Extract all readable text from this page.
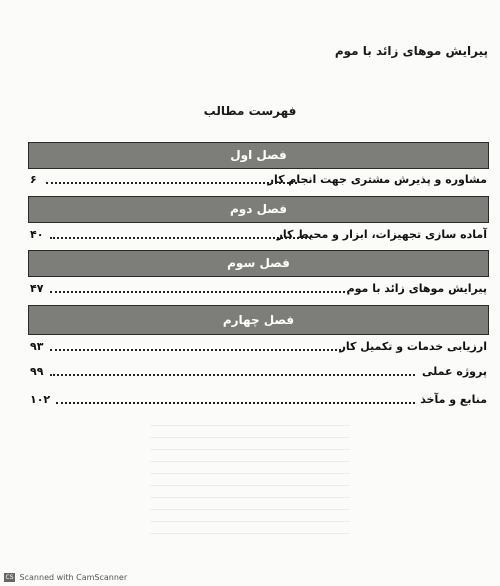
پیرایش موهای زائد با موم
فهرست مطالب
فصل اول
مشاوره و پذیرش مشتری جهت انجام کار
۶
فصل دوم
آماده سازی تجهیزات، ابزار و محیط کار
۴۰
فصل سوم
پیرایش موهای زائد با موم
۴۷
فصل چهارم
ارزیابی خدمات و تکمیل کار
۹۳
پروژه عملی
۹۹
منابع و مآخذ
۱۰۲
CS Scanned with CamScanner
